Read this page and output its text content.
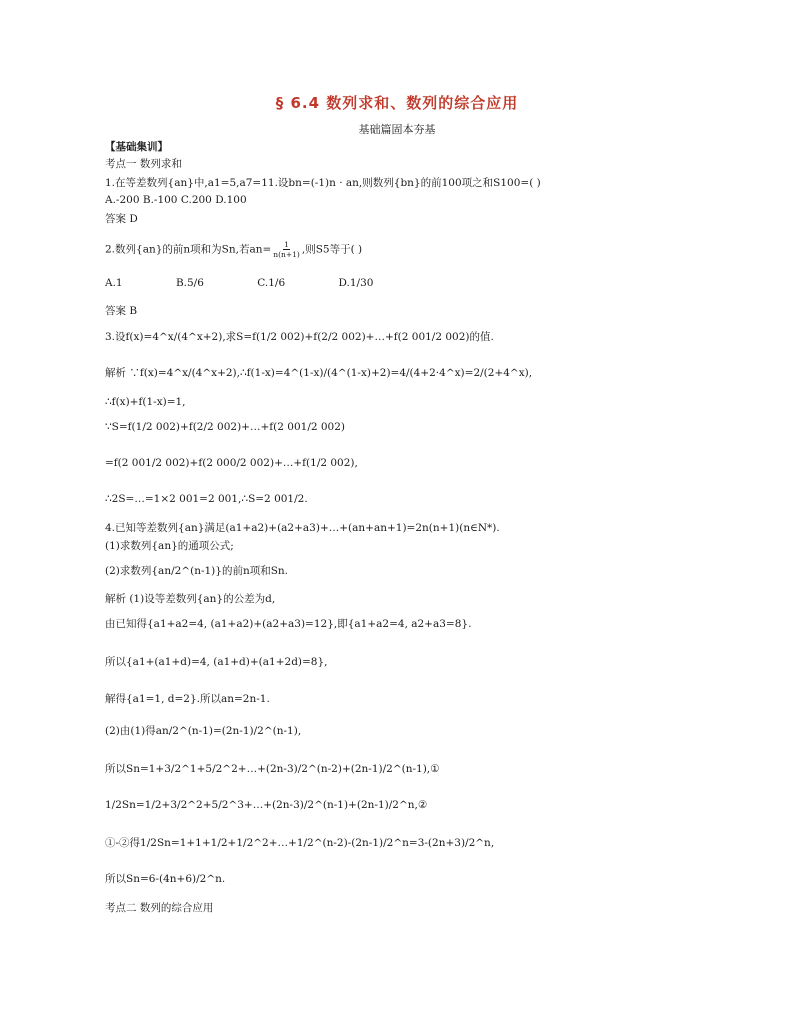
§ 6.4 数列求和、数列的综合应用
基础篇固本夯基
【基础集训】
考点一 数列求和
1.在等差数列{an}中,a1=5,a7=11.设bn=(-1)n · an,则数列{bn}的前100项之和S100=( )
A.-200 B.-100 C.200 D.100
答案 D
2.数列{an}的前n项和为Sn,若$an= \frac{1}{n(n+1)}$ ,则S5等于( )
A.1	B.5/6	C.1/6	D.1/30
答案 B
3.设f(x)=4^x/(4^x+2),求S=f(1/2 002)+f(2/2 002)+…+f(2 001/2 002)的值.
解析 ∵f(x)=4^x/(4^x+2),∴f(1-x)=4^(1-x)/(4^(1-x)+2)=4/(4+2·4^x)=2/(2+4^x),
∴f(x)+f(1-x)=1,
∵S=f(1/2 002)+f(2/2 002)+…+f(2 001/2 002)
=f(2 001/2 002)+f(2 000/2 002)+…+f(1/2 002),
∴2S=…=1×2 001=2 001,∴S=2 001/2.
4.已知等差数列{an}满足(a1+a2)+(a2+a3)+…+(an+an+1)=2n(n+1)(n∈N*).
(1)求数列{an}的通项公式;
(2)求数列{an/2^(n-1)}的前n项和Sn.
解析 (1)设等差数列{an}的公差为d,
由已知得{a1+a2=4, (a1+a2)+(a2+a3)=12},即{a1+a2=4, a2+a3=8}.
所以{a1+(a1+d)=4, (a1+d)+(a1+2d)=8},
解得{a1=1, d=2}.所以an=2n-1.
(2)由(1)得an/2^(n-1)=(2n-1)/2^(n-1),
所以Sn=1+3/2^1+5/2^2+…+(2n-3)/2^(n-2)+(2n-1)/2^(n-1),①
1/2Sn=1/2+3/2^2+5/2^3+…+(2n-3)/2^(n-1)+(2n-1)/2^n,②
①-②得1/2Sn=1+1+1/2+1/2^2+…+1/2^(n-2)-(2n-1)/2^n=3-(2n+3)/2^n,
所以Sn=6-(4n+6)/2^n.
考点二 数列的综合应用
